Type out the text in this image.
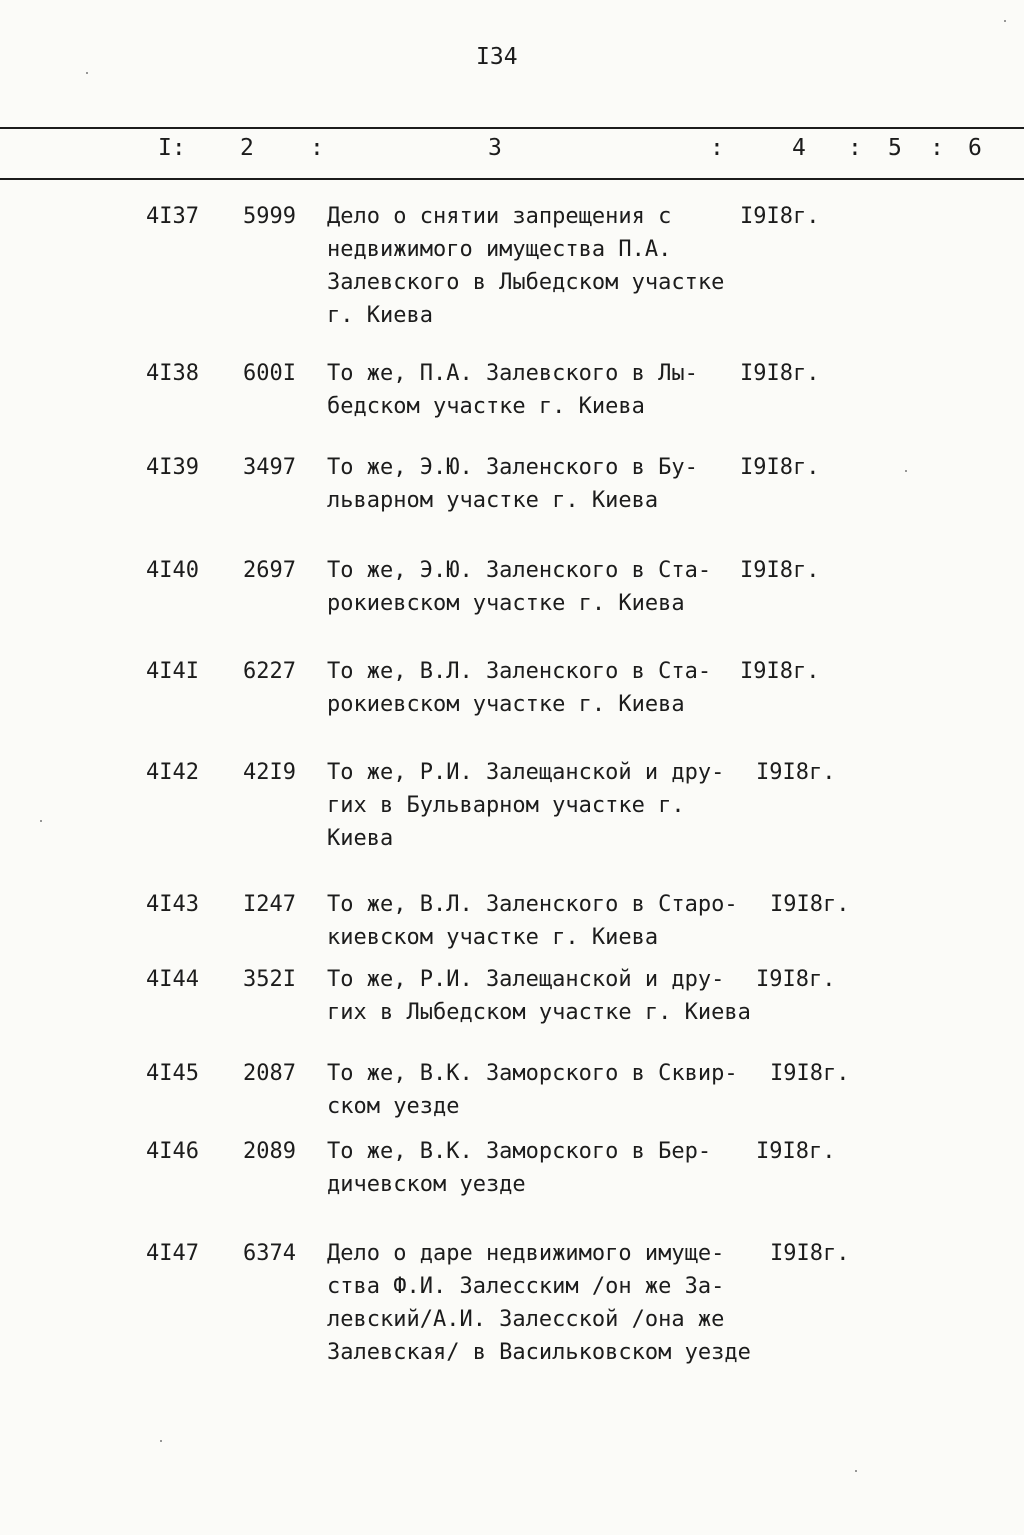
I34
I: 2 :	3	:	4 : 5 : 6
4I37	5999	Дело о снятии запрещения с
недвижимого имущества П.А.
Залевского в Лыбедском участке
г. Киева
I9I8г.
4I38	600I	То же, П.А. Залевского в Лы-
бедском участке г. Киева
I9I8г.
4I39	3497	То же, Э.Ю. Заленского в Бу-
львaрном участке г. Киева
I9I8г.
4I40	2697	То же, Э.Ю. Заленского в Ста-
рокиевском участке г. Киева
I9I8г.
4I4I	6227	То же, В.Л. Заленского в Ста-
рокиевском участке г. Киева
I9I8г.
4I42	42I9	То же, Р.И. Залещанской и дру-
гих в Бульварном участке г.
Киева
I9I8г.
4I43	I247	То же, В.Л. Заленского в Старо-
киевском участке г. Киева
I9I8г.
4I44	352I	То же, Р.И. Залещанской и дру-
гих в Лыбедском участке г. Киева
I9I8г.
4I45	2087	То же, В.К. Заморского в Сквир-
ском уезде
I9I8г.
4I46	2089	То же, В.К. Заморского в Бер-
дичевском уезде
I9I8г.
4I47	6374	Дело о даре недвижимого имуще-
ства Ф.И. Залесским /он же За-
левский/А.И. Залесской /она же
Залевская/ в Васильковском уезде
I9I8г.
